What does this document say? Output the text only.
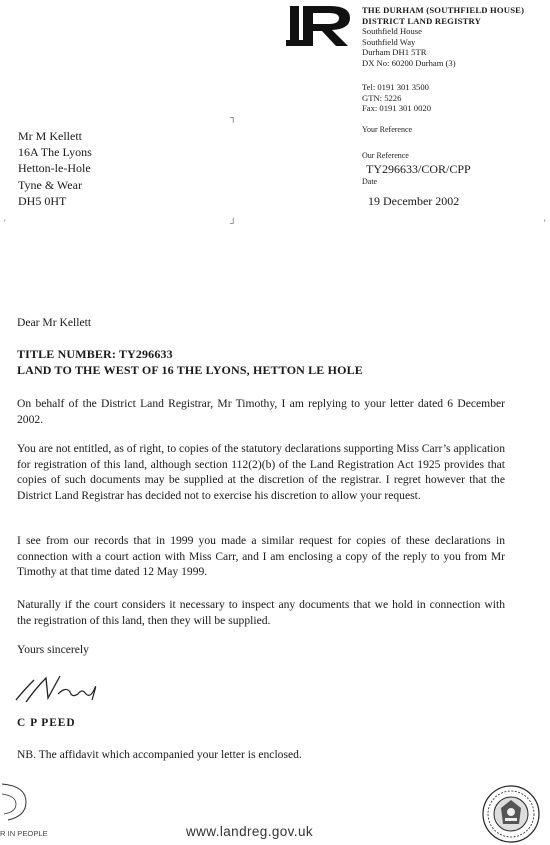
THE DURHAM (SOUTHFIELD HOUSE)
DISTRICT LAND REGISTRY
Southfield House
Southfield Way
Durham DH1 5TR
DX No: 60200 Durham (3)
Tel: 0191 301 3500
GTN: 5226
Fax: 0191 301 0020
Your Reference
Our Reference
TY296633/COR/CPP
Date
19 December 2002
┐
┘
'	'
Mr M Kellett
16A The Lyons
Hetton-le-Hole
Tyne & Wear
DH5 0HT
Dear Mr Kellett
TITLE NUMBER: TY296633
LAND TO THE WEST OF 16 THE LYONS, HETTON LE HOLE
On behalf of the District Land Registrar, Mr Timothy, I am replying to your letter dated 6 December 2002.
You are not entitled, as of right, to copies of the statutory declarations supporting Miss Carr’s application for registration of this land, although section 112(2)(b) of the Land Registration Act 1925 provides that copies of such documents may be supplied at the discretion of the registrar. I regret however that the District Land Registrar has decided not to exercise his discretion to allow your request.
I see from our records that in 1999 you made a similar request for copies of these declarations in connection with a court action with Miss Carr, and I am enclosing a copy of the reply to you from Mr Timothy at that time dated 12 May 1999.
Naturally if the court considers it necessary to inspect any documents that we hold in connection with the registration of this land, then they will be supplied.
Yours sincerely
C P PEED
NB. The affidavit which accompanied your letter is enclosed.
R IN PEOPLE	www.landreg.gov.uk
